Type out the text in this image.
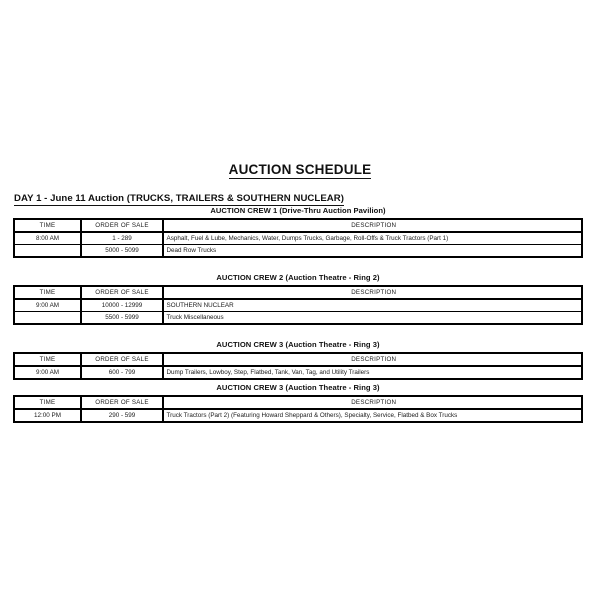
AUCTION SCHEDULE
DAY 1 - June 11 Auction (TRUCKS, TRAILERS & SOUTHERN NUCLEAR)
AUCTION CREW 1 (Drive-Thru Auction Pavilion)
TIME	ORDER OF SALE	DESCRIPTION
8:00 AM	1 - 289	Asphalt, Fuel & Lube, Mechanics, Water, Dumps Trucks, Garbage, Roll-Offs & Truck Tractors (Part 1)
	5000 - 5099	Dead Row Trucks
AUCTION CREW 2 (Auction Theatre - Ring 2)
TIME	ORDER OF SALE	DESCRIPTION
9:00 AM	10000 - 12999	SOUTHERN NUCLEAR
	5500 - 5999	Truck Miscellaneous
AUCTION CREW 3 (Auction Theatre - Ring 3)
TIME	ORDER OF SALE	DESCRIPTION
9:00 AM	600 - 799	Dump Trailers, Lowboy, Step, Flatbed, Tank, Van, Tag, and Utility Trailers
AUCTION CREW 3 (Auction Theatre - Ring 3)
TIME	ORDER OF SALE	DESCRIPTION
12:00 PM	290 - 599	Truck Tractors (Part 2) (Featuring Howard Sheppard & Others), Specialty, Service, Flatbed & Box Trucks
